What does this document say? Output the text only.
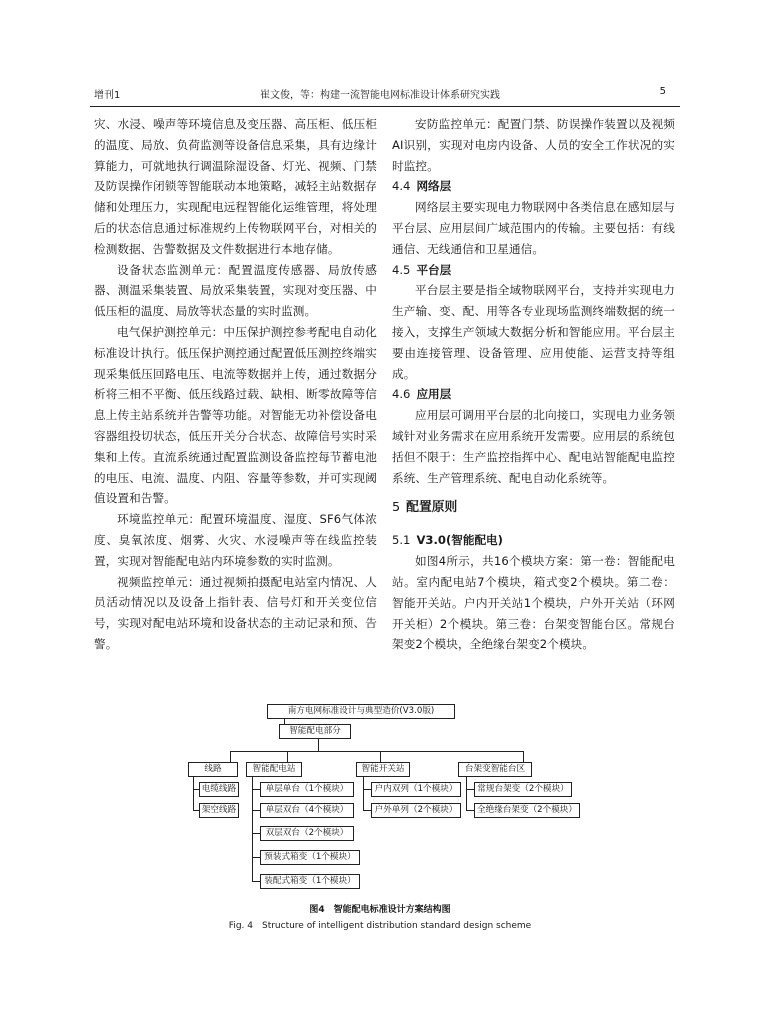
增刊1	崔文俊，等：构建一流智能电网标准设计体系研究实践	5

灾、水浸、噪声等环境信息及变压器、高压柜、低压柜的温度、局放、负荷监测等设备信息采集，具有边缘计算能力，可就地执行调温除湿设备、灯光、视频、门禁及防误操作闭锁等智能联动本地策略，减轻主站数据存储和处理压力，实现配电远程智能化运维管理，将处理后的状态信息通过标准规约上传物联网平台，对相关的检测数据、告警数据及文件数据进行本地存储。

设备状态监测单元：配置温度传感器、局放传感器、测温采集装置、局放采集装置，实现对变压器、中低压柜的温度、局放等状态量的实时监测。

电气保护测控单元：中压保护测控参考配电自动化标准设计执行。低压保护测控通过配置低压测控终端实现采集低压回路电压、电流等数据并上传，通过数据分析将三相不平衡、低压线路过载、缺相、断零故障等信息上传主站系统并告警等功能。对智能无功补偿设备电容器组投切状态，低压开关分合状态、故障信号实时采集和上传。直流系统通过配置监测设备监控每节蓄电池的电压、电流、温度、内阻、容量等参数，并可实现阈值设置和告警。

环境监控单元：配置环境温度、湿度、SF6气体浓度、臭氧浓度、烟雾、火灾、水浸噪声等在线监控装置，实现对智能配电站内环境参数的实时监测。

视频监控单元：通过视频拍摄配电站室内情况、人员活动情况以及设备上指针表、信号灯和开关变位信号，实现对配电站环境和设备状态的主动记录和预、告警。

安防监控单元：配置门禁、防误操作装置以及视频AI识别，实现对电房内设备、人员的安全工作状况的实时监控。

4.4 网络层

网络层主要实现电力物联网中各类信息在感知层与平台层、应用层间广域范围内的传输。主要包括：有线通信、无线通信和卫星通信。

4.5 平台层

平台层主要是指全域物联网平台，支持并实现电力生产输、变、配、用等各专业现场监测终端数据的统一接入，支撑生产领域大数据分析和智能应用。平台层主要由连接管理、设备管理、应用使能、运营支持等组成。

4.6 应用层

应用层可调用平台层的北向接口，实现电力业务领域针对业务需求在应用系统开发需要。应用层的系统包括但不限于：生产监控指挥中心、配电站智能配电监控系统、生产管理系统、配电自动化系统等。

5 配置原则
5.1 V3.0(智能配电)

如图4所示，共16个模块方案：第一卷：智能配电站。室内配电站7个模块，箱式变2个模块。第二卷：智能开关站。户内开关站1个模块，户外开关站（环网开关柜）2个模块。第三卷：台架变智能台区。常规台架变2个模块，全绝缘台架变2个模块。

南方电网标准设计与典型造价(V3.0版)
智能配电部分
线路	智能配电站	智能开关站	台架变智能台区
电缆线路
架空线路
单层单台（1个模块）
单层双台（4个模块）
双层双台（2个模块）
预装式箱变（1个模块）
装配式箱变（1个模块）
户内双列（1个模块）
户外单列（2个模块）
常规台架变（2个模块）
全绝缘台架变（2个模块）
图4　智能配电标准设计方案结构图
Fig. 4　Structure of intelligent distribution standard design scheme
